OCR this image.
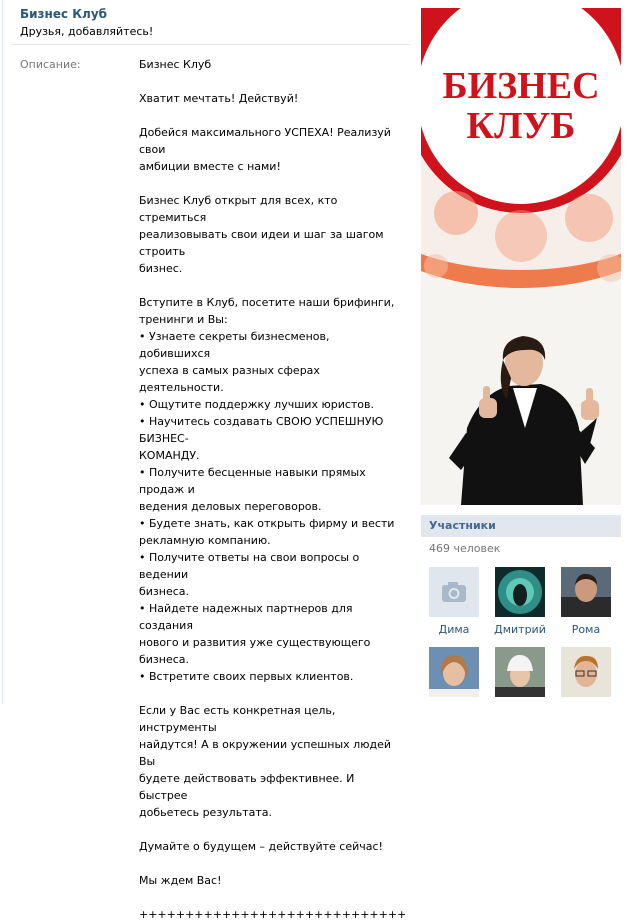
Бизнес Клуб
Друзья, добавляйтесь!
Описание:	Бизнес Клуб
Хватит мечтать! Действуй!
Добейся максимального УСПЕХА! Реализуй свои
амбиции вместе с нами!
Бизнес Клуб открыт для всех, кто стремиться
реализовывать свои идеи и шаг за шагом строить
бизнес.
Вступите в Клуб, посетите наши брифинги,
тренинги и Вы:
• Узнаете секреты бизнесменов, добившихся
успеха в самых разных сферах деятельности.
• Ощутите поддержку лучших юристов.
• Научитесь создавать СВОЮ УСПЕШНУЮ БИЗНЕС-
КОМАНДУ.
• Получите бесценные навыки прямых продаж и
ведения деловых переговоров.
• Будете знать, как открыть фирму и вести
рекламную компанию.
• Получите ответы на свои вопросы о ведении
бизнеса.
• Найдете надежных партнеров для создания
нового и развития уже существующего бизнеса.
• Встретите своих первых клиентов.
Если у Вас есть конкретная цель, инструменты
найдутся! А в окружении успешных людей Вы
будете действовать эффективнее. И быстрее
добьетесь результата.
Думайте о будущем – действуйте сейчас!
Мы ждем Вас!
+++++++++++++++++++++++++++++
БИЗНЕС
КЛУБ
Участники
469 человек
Дима Дмитрий Рома
